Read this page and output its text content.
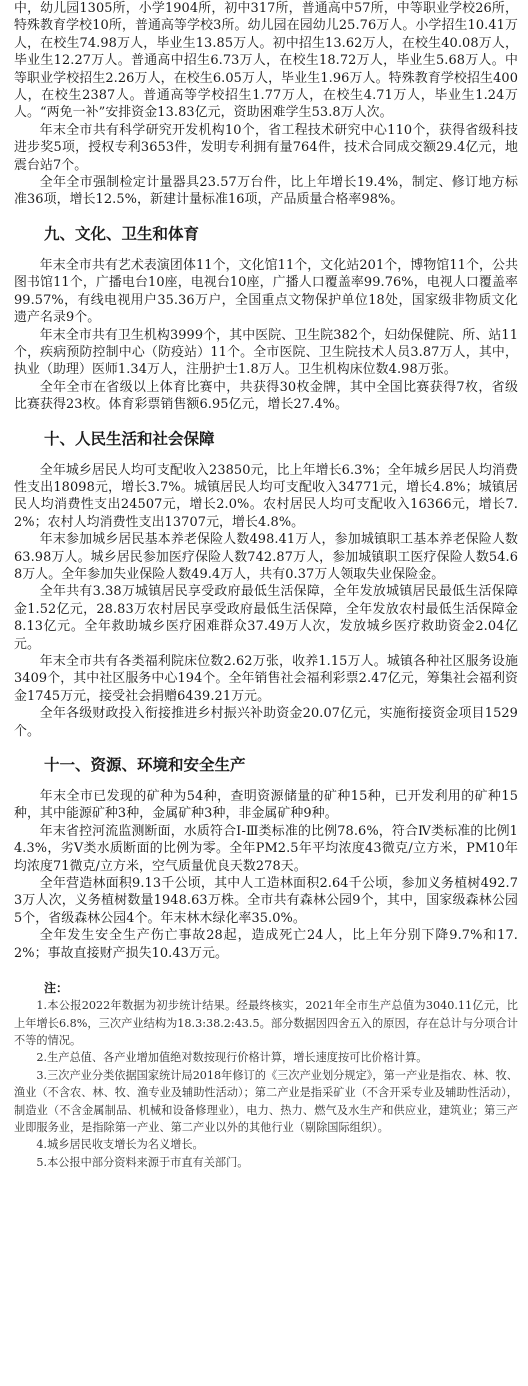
中，幼儿园1305所，小学1904所，初中317所，普通高中57所，中等职业学校26所，特殊教育学校10所，普通高等学校3所。幼儿园在园幼儿25.76万人。小学招生10.41万人，在校生74.98万人，毕业生13.85万人。初中招生13.62万人，在校生40.08万人，毕业生12.27万人。普通高中招生6.73万人，在校生18.72万人，毕业生5.68万人。中等职业学校招生2.26万人，在校生6.05万人，毕业生1.96万人。特殊教育学校招生400人，在校生2387人。普通高等学校招生1.77万人，在校生4.71万人，毕业生1.24万人。“两免一补”安排资金13.83亿元，资助困难学生53.8万人次。

年末全市共有科学研究开发机构10个，省工程技术研究中心110个，获得省级科技进步奖5项，授权专利3653件，发明专利拥有量764件，技术合同成交额29.4亿元，地震台站7个。

全年全市强制检定计量器具23.57万台件，比上年增长19.4%，制定、修订地方标准36项，增长12.5%，新建计量标准16项，产品质量合格率98%。

九、文化、卫生和体育

年末全市共有艺术表演团体11个，文化馆11个，文化站201个，博物馆11个，公共图书馆11个，广播电台10座，电视台10座，广播人口覆盖率99.76%，电视人口覆盖率99.57%，有线电视用户35.36万户，全国重点文物保护单位18处，国家级非物质文化遗产名录9个。

年末全市共有卫生机构3999个，其中医院、卫生院382个，妇幼保健院、所、站11个，疾病预防控制中心（防疫站）11个。全市医院、卫生院技术人员3.87万人，其中，执业（助理）医师1.34万人，注册护士1.8万人。卫生机构床位数4.98万张。

全年全市在省级以上体育比赛中，共获得30枚金牌，其中全国比赛获得7枚，省级比赛获得23枚。体育彩票销售额6.95亿元，增长27.4%。

十、人民生活和社会保障

全年城乡居民人均可支配收入23850元，比上年增长6.3%；全年城乡居民人均消费性支出18098元，增长3.7%。城镇居民人均可支配收入34771元，增长4.8%；城镇居民人均消费性支出24507元，增长2.0%。农村居民人均可支配收入16366元，增长7.2%；农村人均消费性支出13707元，增长4.8%。

年末参加城乡居民基本养老保险人数498.41万人，参加城镇职工基本养老保险人数63.98万人。城乡居民参加医疗保险人数742.87万人，参加城镇职工医疗保险人数54.68万人。全年参加失业保险人数49.4万人，共有0.37万人领取失业保险金。

全年共有3.38万城镇居民享受政府最低生活保障，全年发放城镇居民最低生活保障金1.52亿元，28.83万农村居民享受政府最低生活保障，全年发放农村最低生活保障金8.13亿元。全年救助城乡医疗困难群众37.49万人次，发放城乡医疗救助资金2.04亿元。

年末全市共有各类福利院床位数2.62万张，收养1.15万人。城镇各种社区服务设施3409个，其中社区服务中心194个。全年销售社会福利彩票2.47亿元，筹集社会福利资金1745万元，接受社会捐赠6439.21万元。

全年各级财政投入衔接推进乡村振兴补助资金20.07亿元，实施衔接资金项目1529个。

十一、资源、环境和安全生产

年末全市已发现的矿种为54种，查明资源储量的矿种15种，已开发利用的矿种15种，其中能源矿种3种，金属矿种3种，非金属矿种9种。

年末省控河流监测断面，水质符合Ⅰ-Ⅲ类标准的比例78.6%，符合Ⅳ类标准的比例14.3%，劣Ⅴ类水质断面的比例为零。全年PM2.5年平均浓度43微克/立方米，PM10年均浓度71微克/立方米，空气质量优良天数278天。

全年营造林面积9.13千公顷，其中人工造林面积2.64千公顷，参加义务植树492.73万人次，义务植树数量1948.63万株。全市共有森林公园9个，其中，国家级森林公园5个，省级森林公园4个。年末林木绿化率35.0%。

全年发生安全生产伤亡事故28起，造成死亡24人，比上年分别下降9.7%和17.2%；事故直接财产损失10.43万元。

注：

1.本公报2022年数据为初步统计结果。经最终核实，2021年全市生产总值为3040.11亿元，比上年增长6.8%，三次产业结构为18.3:38.2:43.5。部分数据因四舍五入的原因，存在总计与分项合计不等的情况。

2.生产总值、各产业增加值绝对数按现行价格计算，增长速度按可比价格计算。

3.三次产业分类依据国家统计局2018年修订的《三次产业划分规定》，第一产业是指农、林、牧、渔业（不含农、林、牧、渔专业及辅助性活动）；第二产业是指采矿业（不含开采专业及辅助性活动），制造业（不含金属制品、机械和设备修理业），电力、热力、燃气及水生产和供应业，建筑业；第三产业即服务业，是指除第一产业、第二产业以外的其他行业（剔除国际组织）。

4.城乡居民收支增长为名义增长。

5.本公报中部分资料来源于市直有关部门。
